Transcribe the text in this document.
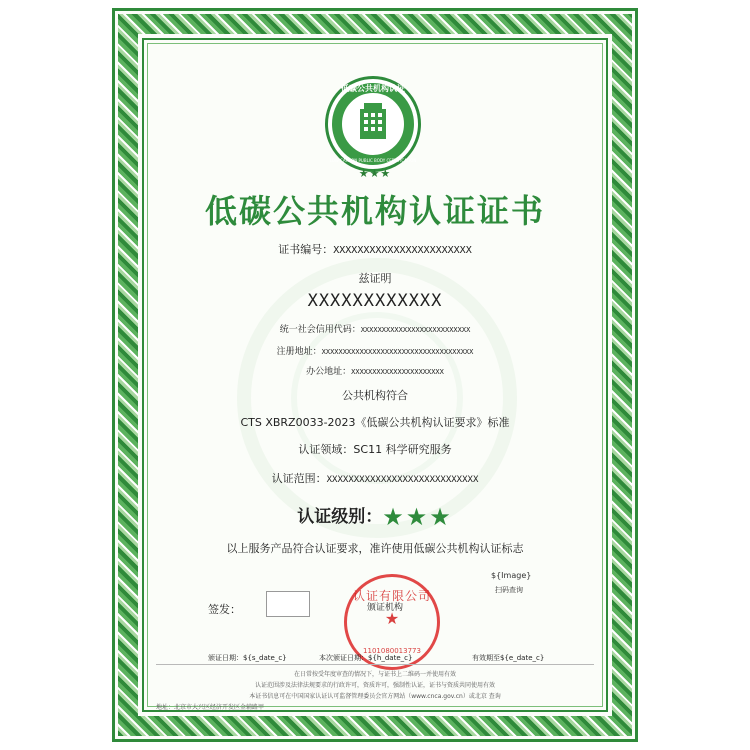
低碳公共机构认证
LOW CARBON PUBLIC BODY CERTIFICATION
★★★
低碳公共机构认证证书
证书编号：XXXXXXXXXXXXXXXXXXXXXXX
兹证明
XXXXXXXXXXXX
统一社会信用代码：XXXXXXXXXXXXXXXXXXXXXXXXXX
注册地址：XXXXXXXXXXXXXXXXXXXXXXXXXXXXXXXXXXXX
办公地址：XXXXXXXXXXXXXXXXXXXXXX
公共机构符合
CTS XBRZ0033-2023《低碳公共机构认证要求》标准
认证领域：SC11 科学研究服务
认证范围：XXXXXXXXXXXXXXXXXXXXXXXXXXXX
认证级别：★★★
以上服务产品符合认证要求，准许使用低碳公共机构认证标志
${Image}
扫码查询
签发：
认证有限公司
★
1101080013773
颁证机构
颁证日期：${s_date_c}	本次颁证日期：${h_date_c}	有效期至${e_date_c}
在日常按受年度审查的情况下，与证书上二维码一并使用有效
认证范围涉及法律法规要求的行政许可，资质许可，强制性认证，证书与资质共同使用有效
本证书信息可在中国国家认证认可监督管理委员会官方网站（www.cnca.gov.cn）或北京 查询
地址：北京市大兴区经济开发区金辅路甲
